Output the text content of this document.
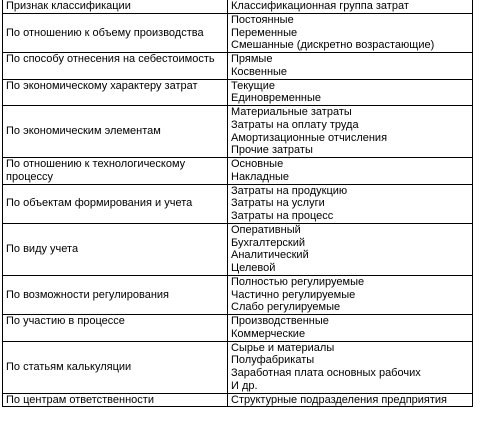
Признак классификации	Классификационная группа затрат
По отношению к объему производства	Постоянные
Переменные
Смешанные (дискретно возрастающие)

По способу отнесения на себестоимость	Прямые
Косвенные

По экономическому характеру затрат	Текущие
Единовременные

По экономическим элементам	Материальные затраты
Затраты на оплату труда
Амортизационные отчисления
Прочие затраты

По отношению к технологическому процессу	Основные
Накладные

По объектам формирования и учета	Затраты на продукцию
Затраты на услуги
Затраты на процесс

По виду учета	Оперативный
Бухгалтерский
Аналитический
Целевой

По возможности регулирования	Полностью регулируемые
Частично регулируемые
Слабо регулируемые

По участию в процессе	Производственные
Коммерческие

По статьям калькуляции	Сырье и материалы
Полуфабрикаты
Заработная плата основных рабочих
И др.

По центрам ответственности	Структурные подразделения предприятия
